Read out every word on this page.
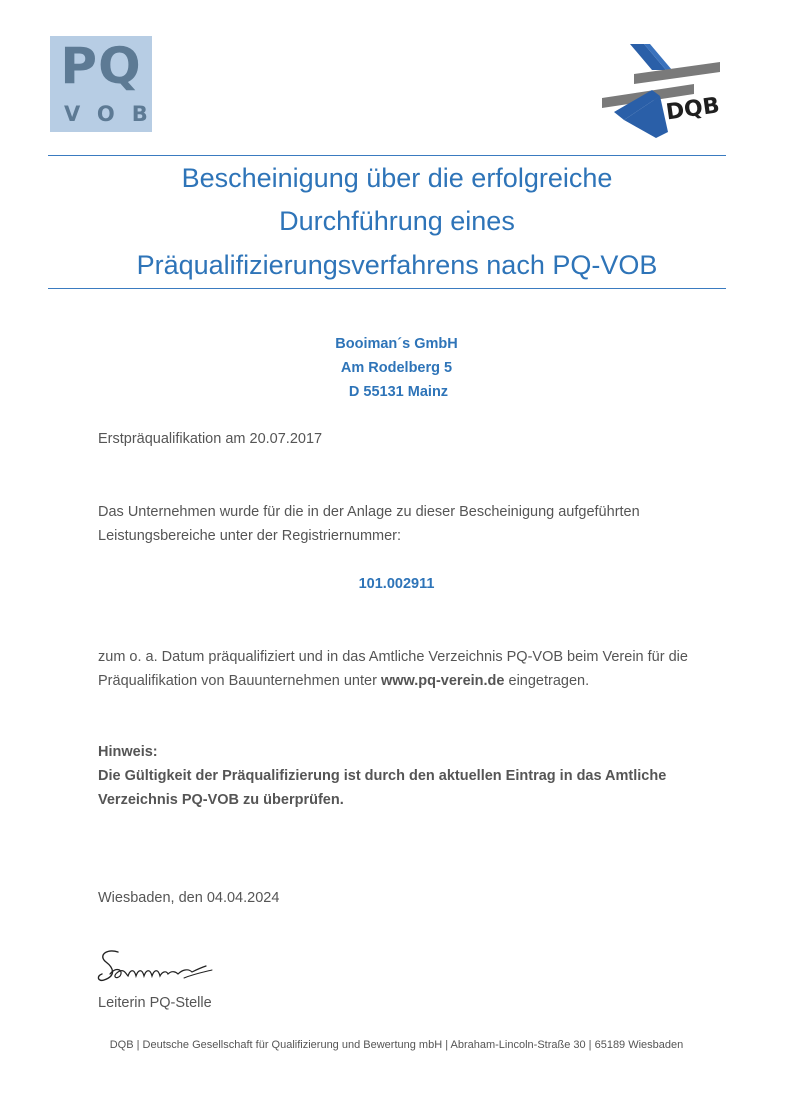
PQ
VOB	DQB
Bescheinigung über die erfolgreiche
Durchführung eines
Präqualifizierungsverfahrens nach PQ-VOB
Booiman´s GmbH
Am Rodelberg 5
D 55131 Mainz
Erstpräqualifikation am 20.07.2017
Das Unternehmen wurde für die in der Anlage zu dieser Bescheinigung aufgeführten
Leistungsbereiche unter der Registriernummer:
101.002911
zum o. a. Datum präqualifiziert und in das Amtliche Verzeichnis PQ-VOB beim Verein für die
Präqualifikation von Bauunternehmen unter www.pq-verein.de eingetragen.
Hinweis:
Die Gültigkeit der Präqualifizierung ist durch den aktuellen Eintrag in das Amtliche
Verzeichnis PQ-VOB zu überprüfen.
Wiesbaden, den 04.04.2024
Leiterin PQ-Stelle
DQB | Deutsche Gesellschaft für Qualifizierung und Bewertung mbH | Abraham-Lincoln-Straße 30 | 65189 Wiesbaden
